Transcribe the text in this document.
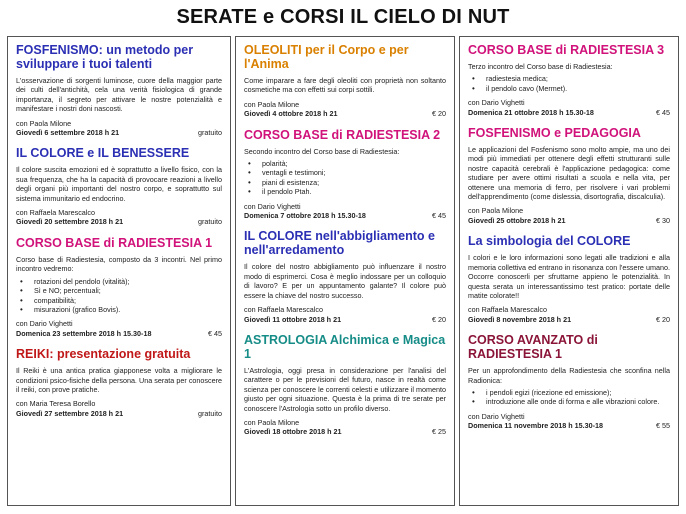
SERATE e CORSI IL CIELO DI NUT
FOSFENISMO: un metodo per sviluppare i tuoi talenti
L'osservazione di sorgenti luminose, cuore della maggior parte dei culti dell'antichità, cela una verità fisiologica di grande importanza, il segreto per attivare le nostre potenzialità e manifestare i nostri doni nascosti.
con Paola Milone
Giovedì 6 settembre 2018 h 21	gratuito
IL COLORE e IL BENESSERE
Il colore suscita emozioni ed è soprattutto a livello fisico, con la sua frequenza, che ha la capacità di provocare reazioni a livello degli organi più importanti del nostro corpo, e soprattutto sul sistema immunitario ed endocrino.
con Raffaela Marescalco
Giovedì 20 settembre 2018 h 21	gratuito
CORSO BASE di RADIESTESIA 1
Corso base di Radiestesia, composto da 3 incontri. Nel primo incontro vedremo:
• rotazioni del pendolo (vitalità);
• Sì e NO; percentuali;
• compatibilità;
• misurazioni (grafico Bovis).
con Dario Vighetti
Domenica 23 settembre 2018 h 15.30-18	€ 45
REIKI: presentazione gratuita
Il Reiki è una antica pratica giapponese volta a migliorare le condizioni psico-fisiche della persona. Una serata per conoscere il reiki, con prove pratiche.
con Maria Teresa Borello
Giovedì 27 settembre 2018 h 21	gratuito
OLEOLITI per il Corpo e per l'Anima
Come imparare a fare degli oleoliti con proprietà non soltanto cosmetiche ma con effetti sui corpi sottili.
con Paola Milone
Giovedì 4 ottobre 2018 h 21	€ 20
CORSO BASE di RADIESTESIA 2
Secondo incontro del Corso base di Radiestesia:
• polarità;
• ventagli e testimoni;
• piani di esistenza;
• il pendolo Ptah.
con Dario Vighetti
Domenica 7 ottobre 2018 h 15.30-18	€ 45
IL COLORE nell'abbigliamento e nell'arredamento
Il colore del nostro abbigliamento può influenzare il nostro modo di esprimerci. Cosa è meglio indossare per un colloquio di lavoro? E per un appuntamento galante? Il colore può essere la chiave del nostro successo.
con Raffaela Marescalco
Giovedì 11 ottobre 2018 h 21	€ 20
ASTROLOGIA Alchimica e Magica 1
L'Astrologia, oggi presa in considerazione per l'analisi del carattere o per le previsioni del futuro, nasce in realtà come scienza per conoscere le correnti celesti e utilizzare il momento giusto per ogni situazione. Questa è la prima di tre serate per conoscere l'Astrologia sotto un profilo diverso.
con Paola Milone
Giovedì 18 ottobre 2018 h 21	€ 25
CORSO BASE di RADIESTESIA 3
Terzo incontro del Corso base di Radiestesia:
• radiestesia medica;
• il pendolo cavo (Mermet).
con Dario Vighetti
Domenica 21 ottobre 2018 h 15.30-18	€ 45
FOSFENISMO e PEDAGOGIA
Le applicazioni del Fosfenismo sono molto ampie, ma uno dei modi più immediati per ottenere degli effetti strutturanti sulle nostre capacità cerebrali è l'applicazione pedagogica: come studiare per avere ottimi risultati a scuola e nella vita, per ottenere una memoria di ferro, per risolvere i vari problemi dell'apprendimento (come dislessia, disortografia, discalculia).
con Paola Milone
Giovedì 25 ottobre 2018 h 21	€ 30
La simbologia del COLORE
I colori e le loro informazioni sono legati alle tradizioni e alla memoria collettiva ed entrano in risonanza con l'essere umano. Occorre conoscerli per sfruttarne appieno le potenzialità. In questa serata un interessantissimo test pratico: portate delle matite colorate!!
con Raffaela Marescalco
Giovedì 8 novembre 2018 h 21	€ 20
CORSO AVANZATO di RADIESTESIA 1
Per un approfondimento della Radiestesia che sconfina nella Radionica:
• i pendoli egizi (ricezione ed emissione);
• introduzione alle onde di forma e alle vibrazioni colore.
con Dario Vighetti
Domenica 11 novembre 2018 h 15.30-18	€ 55
